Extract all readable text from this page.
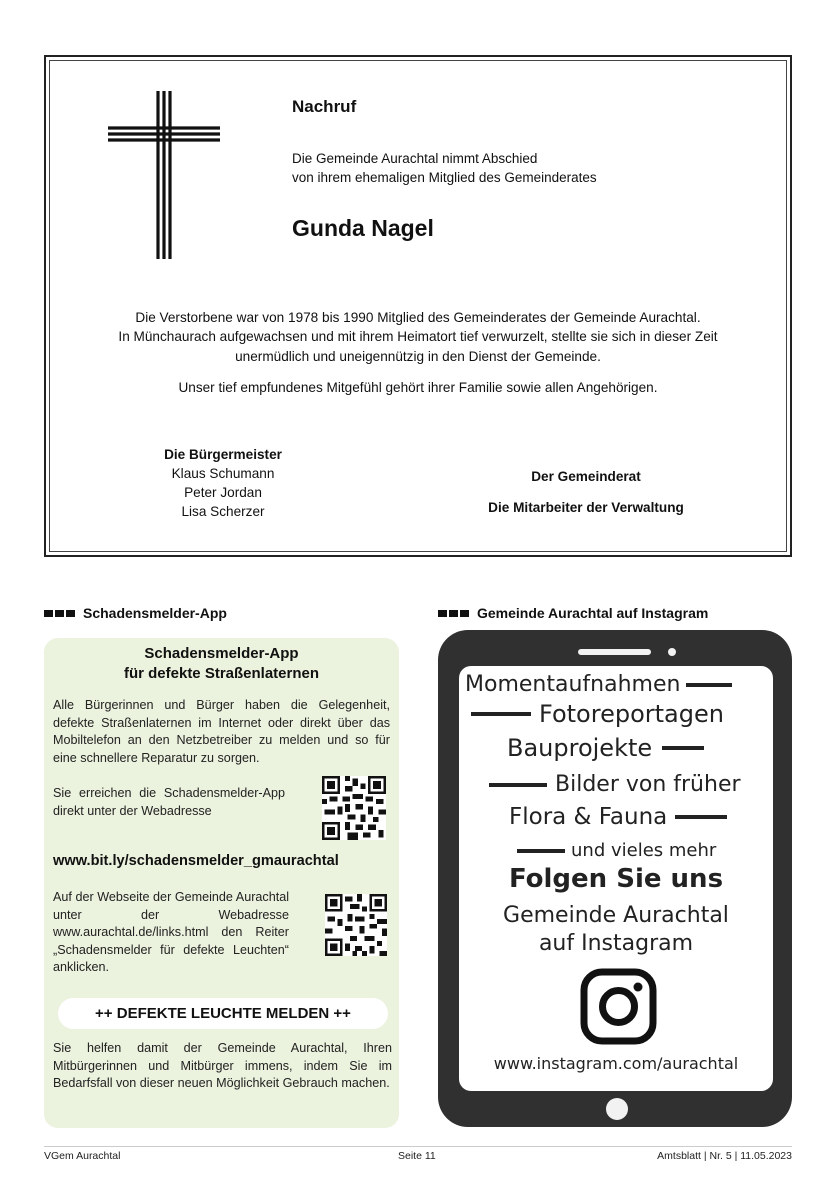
Nachruf
Die Gemeinde Aurachtal nimmt Abschied
von ihrem ehemaligen Mitglied des Gemeinderates
Gunda Nagel
Die Verstorbene war von 1978 bis 1990 Mitglied des Gemeinderates der Gemeinde Aurachtal.
In Münchaurach aufgewachsen und mit ihrem Heimatort tief verwurzelt, stellte sie sich in dieser Zeit
unermüdlich und uneigennützig in den Dienst der Gemeinde.
Unser tief empfundenes Mitgefühl gehört ihrer Familie sowie allen Angehörigen.
Die Bürgermeister
Klaus Schumann
Peter Jordan
Lisa Scherzer
Der Gemeinderat
Die Mitarbeiter der Verwaltung
Schadensmelder-App	Gemeinde Aurachtal auf Instagram
Schadensmelder-App
für defekte Straßenlaternen
Alle Bürgerinnen und Bürger haben die Gelegenheit, defekte Straßenlaternen im Internet oder direkt über das Mobiltelefon an den Netzbetreiber zu melden und so für eine schnellere Reparatur zu sorgen.
Sie erreichen die Schadensmelder-App direkt unter der Webadresse
www.bit.ly/schadensmelder_gmaurachtal
Auf der Webseite der Gemeinde Aurachtal unter der Webadresse www.aurachtal.de/links.html den Reiter „Schadensmelder für defekte Leuchten“ anklicken.
++ DEFEKTE LEUCHTE MELDEN ++
Sie helfen damit der Gemeinde Aurachtal, Ihren Mitbürgerinnen und Mitbürger immens, indem Sie im Bedarfsfall von dieser neuen Möglichkeit Gebrauch machen.
Momentaufnahmen
Fotoreportagen
Bauprojekte
Bilder von früher
Flora & Fauna
und vieles mehr
Folgen Sie uns
Gemeinde Aurachtal
auf Instagram
www.instagram.com/aurachtal
VGem Aurachtal	Seite 11	Amtsblatt | Nr. 5 | 11.05.2023
